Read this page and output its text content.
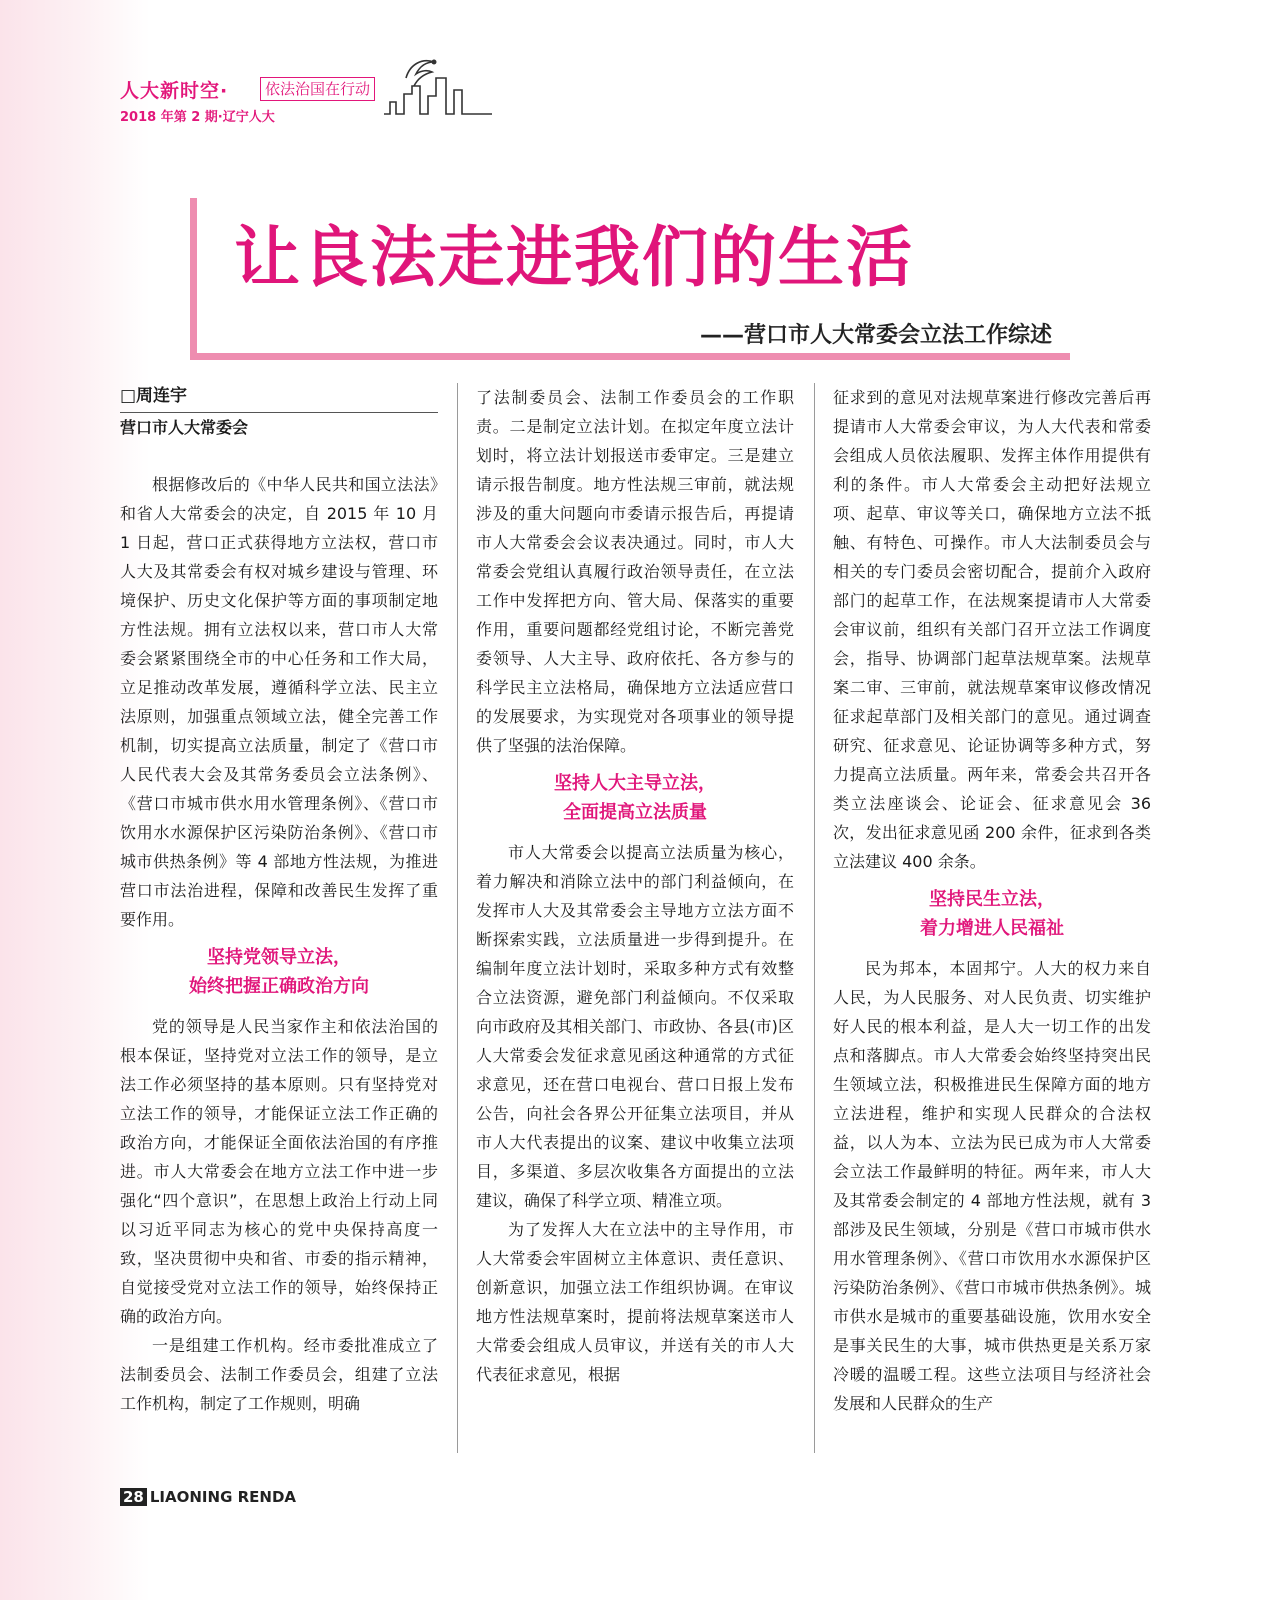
人大新时空·	依法治国在行动
2018 年第 2 期·辽宁人大
让良法走进我们的生活
——营口市人大常委会立法工作综述
□周连宇
营口市人大常委会

根据修改后的《中华人民共和国立法法》和省人大常委会的决定，自 2015 年 10 月 1 日起，营口正式获得地方立法权，营口市人大及其常委会有权对城乡建设与管理、环境保护、历史文化保护等方面的事项制定地方性法规。拥有立法权以来，营口市人大常委会紧紧围绕全市的中心任务和工作大局，立足推动改革发展，遵循科学立法、民主立法原则，加强重点领域立法，健全完善工作机制，切实提高立法质量，制定了《营口市人民代表大会及其常务委员会立法条例》、《营口市城市供水用水管理条例》、《营口市饮用水水源保护区污染防治条例》、《营口市城市供热条例》等 4 部地方性法规，为推进营口市法治进程，保障和改善民生发挥了重要作用。

坚持党领导立法，
始终把握正确政治方向

党的领导是人民当家作主和依法治国的根本保证，坚持党对立法工作的领导，是立法工作必须坚持的基本原则。只有坚持党对立法工作的领导，才能保证立法工作正确的政治方向，才能保证全面依法治国的有序推进。市人大常委会在地方立法工作中进一步强化“四个意识”，在思想上政治上行动上同以习近平同志为核心的党中央保持高度一致，坚决贯彻中央和省、市委的指示精神，自觉接受党对立法工作的领导，始终保持正确的政治方向。

一是组建工作机构。经市委批准成立了法制委员会、法制工作委员会，组建了立法工作机构，制定了工作规则，明确

了法制委员会、法制工作委员会的工作职责。二是制定立法计划。在拟定年度立法计划时，将立法计划报送市委审定。三是建立请示报告制度。地方性法规三审前，就法规涉及的重大问题向市委请示报告后，再提请市人大常委会会议表决通过。同时，市人大常委会党组认真履行政治领导责任，在立法工作中发挥把方向、管大局、保落实的重要作用，重要问题都经党组讨论，不断完善党委领导、人大主导、政府依托、各方参与的科学民主立法格局，确保地方立法适应营口的发展要求，为实现党对各项事业的领导提供了坚强的法治保障。

坚持人大主导立法，
全面提高立法质量

市人大常委会以提高立法质量为核心，着力解决和消除立法中的部门利益倾向，在发挥市人大及其常委会主导地方立法方面不断探索实践，立法质量进一步得到提升。在编制年度立法计划时，采取多种方式有效整合立法资源，避免部门利益倾向。不仅采取向市政府及其相关部门、市政协、各县(市)区人大常委会发征求意见函这种通常的方式征求意见，还在营口电视台、营口日报上发布公告，向社会各界公开征集立法项目，并从市人大代表提出的议案、建议中收集立法项目，多渠道、多层次收集各方面提出的立法建议，确保了科学立项、精准立项。

为了发挥人大在立法中的主导作用，市人大常委会牢固树立主体意识、责任意识、创新意识，加强立法工作组织协调。在审议地方性法规草案时，提前将法规草案送市人大常委会组成人员审议，并送有关的市人大代表征求意见，根据

征求到的意见对法规草案进行修改完善后再提请市人大常委会审议，为人大代表和常委会组成人员依法履职、发挥主体作用提供有利的条件。市人大常委会主动把好法规立项、起草、审议等关口，确保地方立法不抵触、有特色、可操作。市人大法制委员会与相关的专门委员会密切配合，提前介入政府部门的起草工作，在法规案提请市人大常委会审议前，组织有关部门召开立法工作调度会，指导、协调部门起草法规草案。法规草案二审、三审前，就法规草案审议修改情况征求起草部门及相关部门的意见。通过调查研究、征求意见、论证协调等多种方式，努力提高立法质量。两年来，常委会共召开各类立法座谈会、论证会、征求意见会 36 次，发出征求意见函 200 余件，征求到各类立法建议 400 余条。

坚持民生立法，
着力增进人民福祉

民为邦本，本固邦宁。人大的权力来自人民，为人民服务、对人民负责、切实维护好人民的根本利益，是人大一切工作的出发点和落脚点。市人大常委会始终坚持突出民生领域立法，积极推进民生保障方面的地方立法进程，维护和实现人民群众的合法权益，以人为本、立法为民已成为市人大常委会立法工作最鲜明的特征。两年来，市人大及其常委会制定的 4 部地方性法规，就有 3 部涉及民生领域，分别是《营口市城市供水用水管理条例》、《营口市饮用水水源保护区污染防治条例》、《营口市城市供热条例》。城市供水是城市的重要基础设施，饮用水安全是事关民生的大事，城市供热更是关系万家冷暖的温暖工程。这些立法项目与经济社会发展和人民群众的生产

28 LIAONING RENDA
